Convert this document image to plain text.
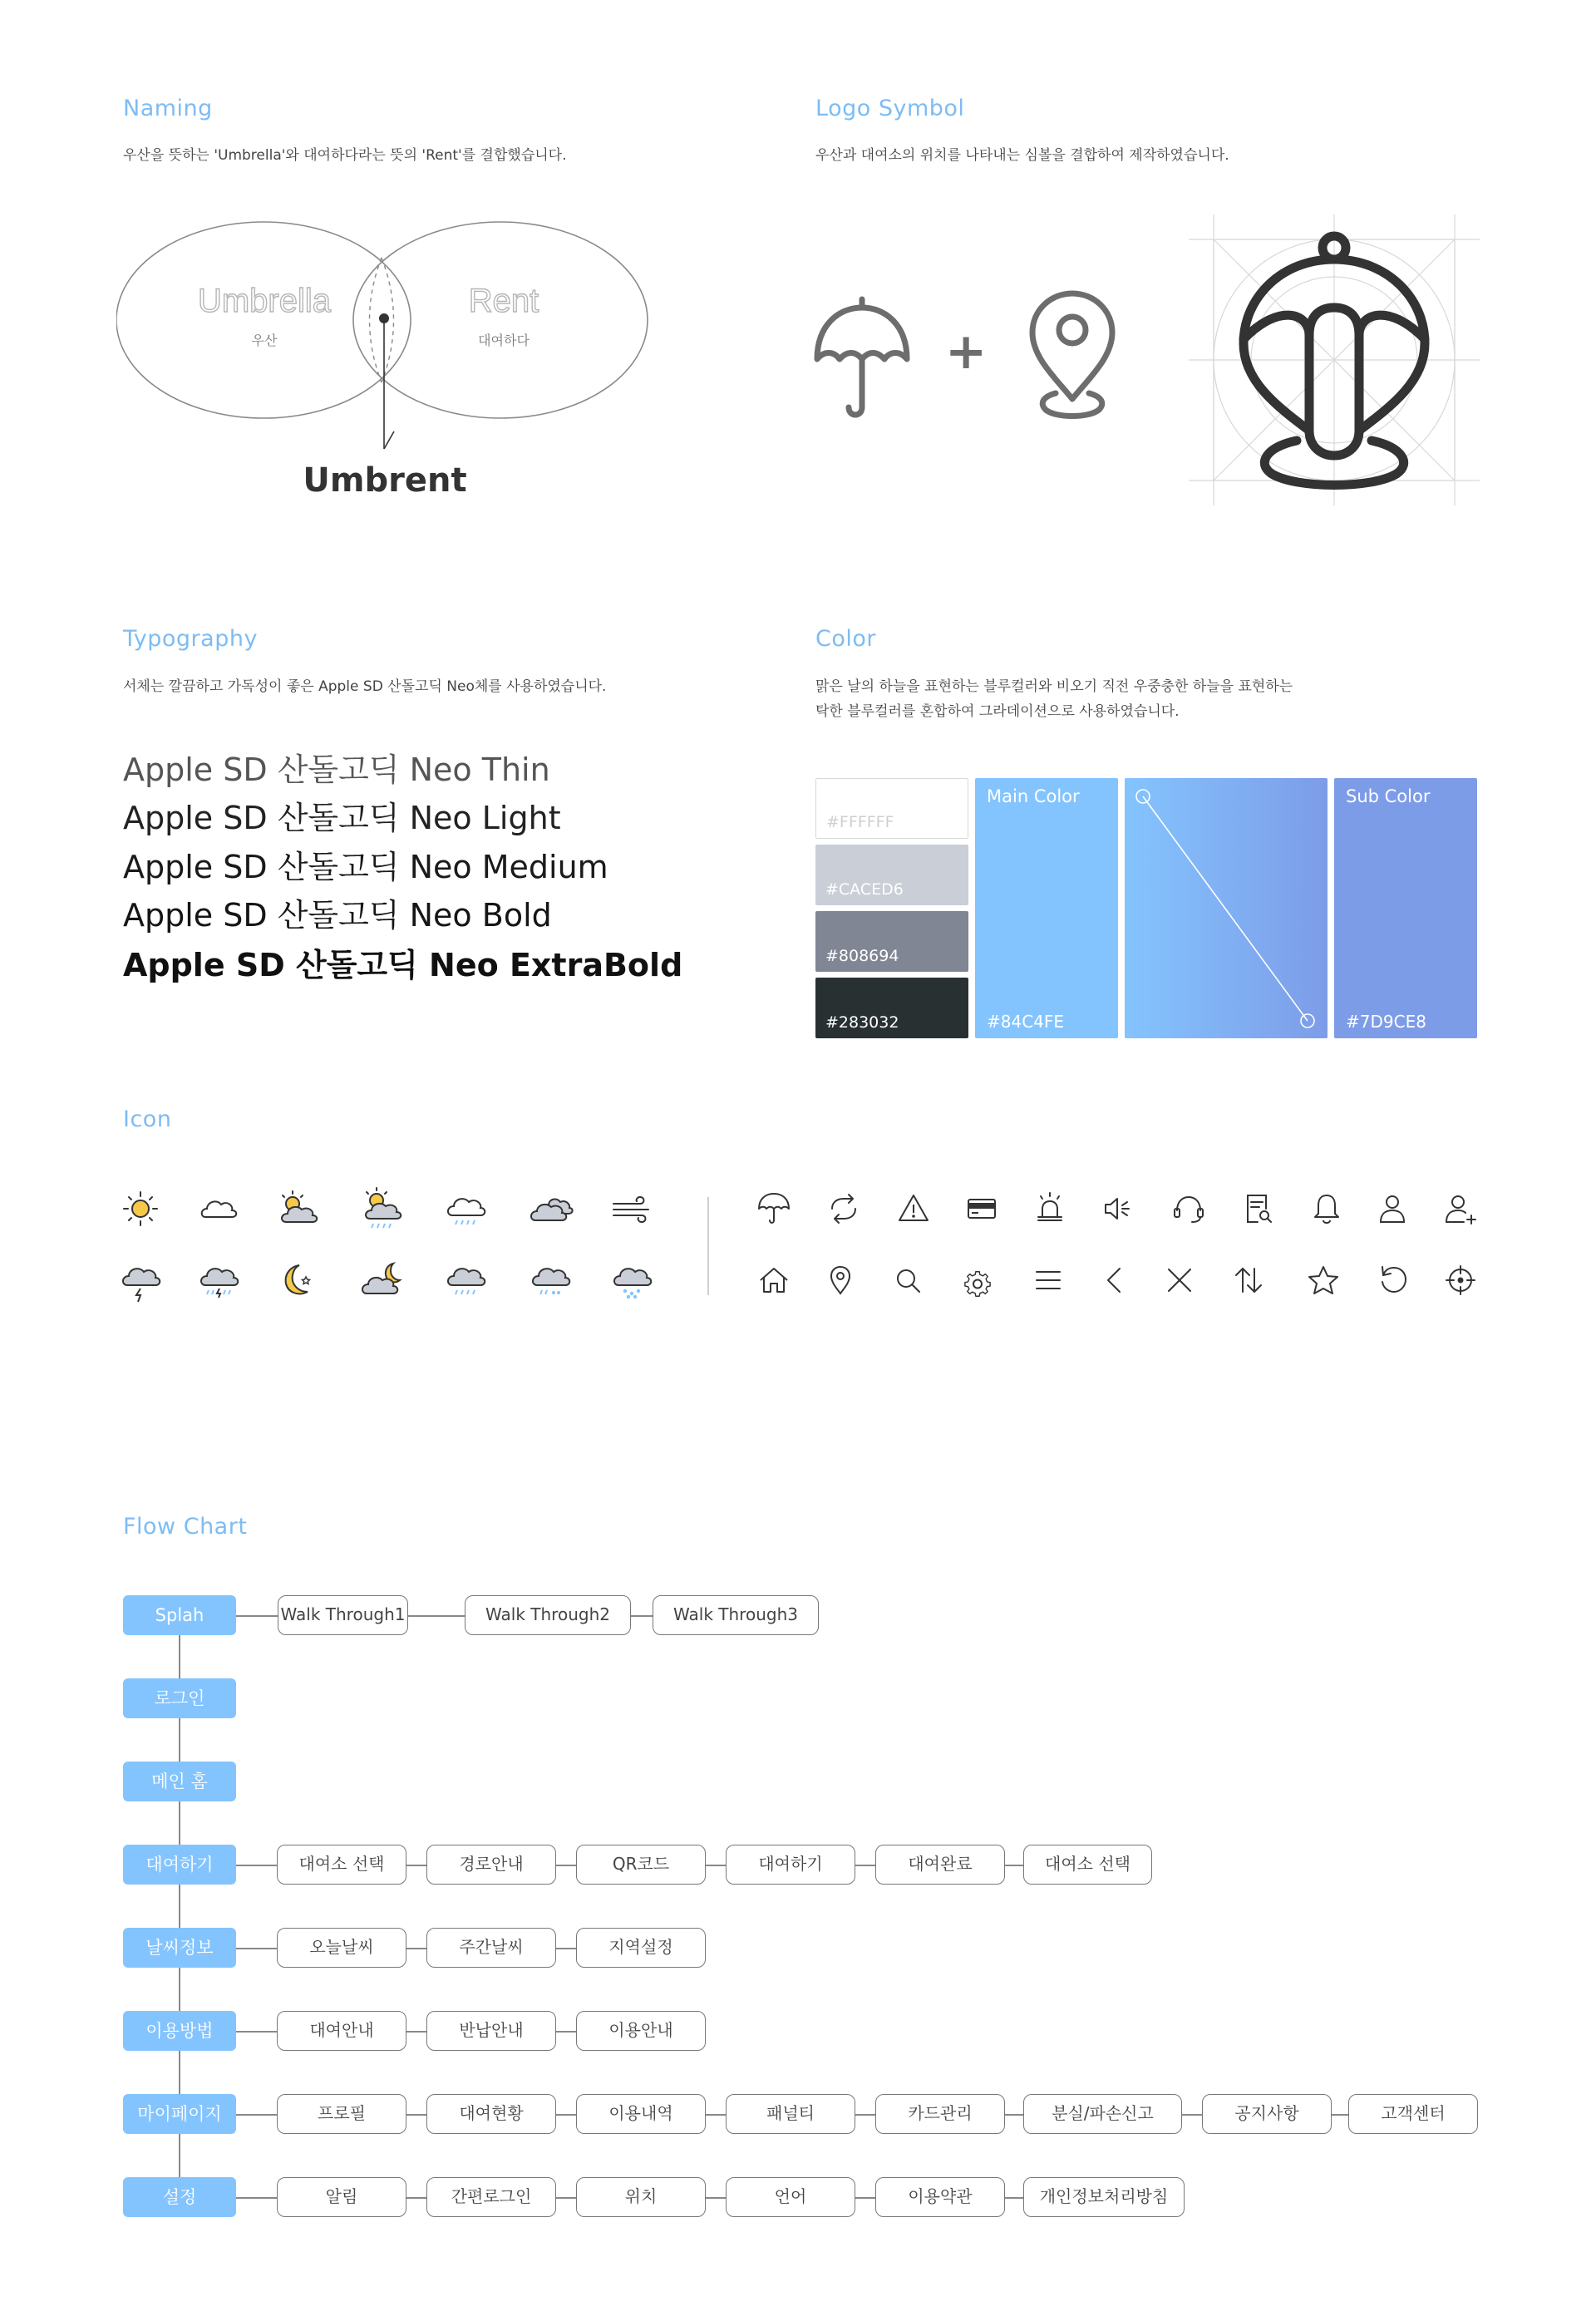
Naming
우산을 뜻하는 'Umbrella'와 대여하다라는 뜻의 'Rent'를 결합했습니다.
Umbrella
우산
Rent
대여하다
Umbrent
Logo Symbol
우산과 대여소의 위치를 나타내는 심볼을 결합하여 제작하였습니다.
+
Typography
서체는 깔끔하고 가독성이 좋은 Apple SD 산돌고딕 Neo체를 사용하였습니다.
Apple SD 산돌고딕 Neo Thin
Apple SD 산돌고딕 Neo Light
Apple SD 산돌고딕 Neo Medium
Apple SD 산돌고딕 Neo Bold
Apple SD 산돌고딕 Neo ExtraBold
Color
맑은 날의 하늘을 표현하는 블루컬러와 비오기 직전 우중충한 하늘을 표현하는
탁한 블루컬러를 혼합하여 그라데이션으로 사용하였습니다.
#FFFFFF
#CACED6
#808694
#283032
Main Color
#84C4FE
Sub Color
#7D9CE8
Icon
Flow Chart
Splah	Walk Through1	Walk Through2	Walk Through3
로그인
메인 홈
대여하기	대여소 선택	경로안내	QR코드	대여하기	대여완료	대여소 선택
날씨정보	오늘날씨	주간날씨	지역설정
이용방법	대여안내	반납안내	이용안내
마이페이지	프로필	대여현황	이용내역	패널티	카드관리	분실/파손신고	공지사항	고객센터
설정	알림	간편로그인	위치	언어	이용약관	개인정보처리방침
